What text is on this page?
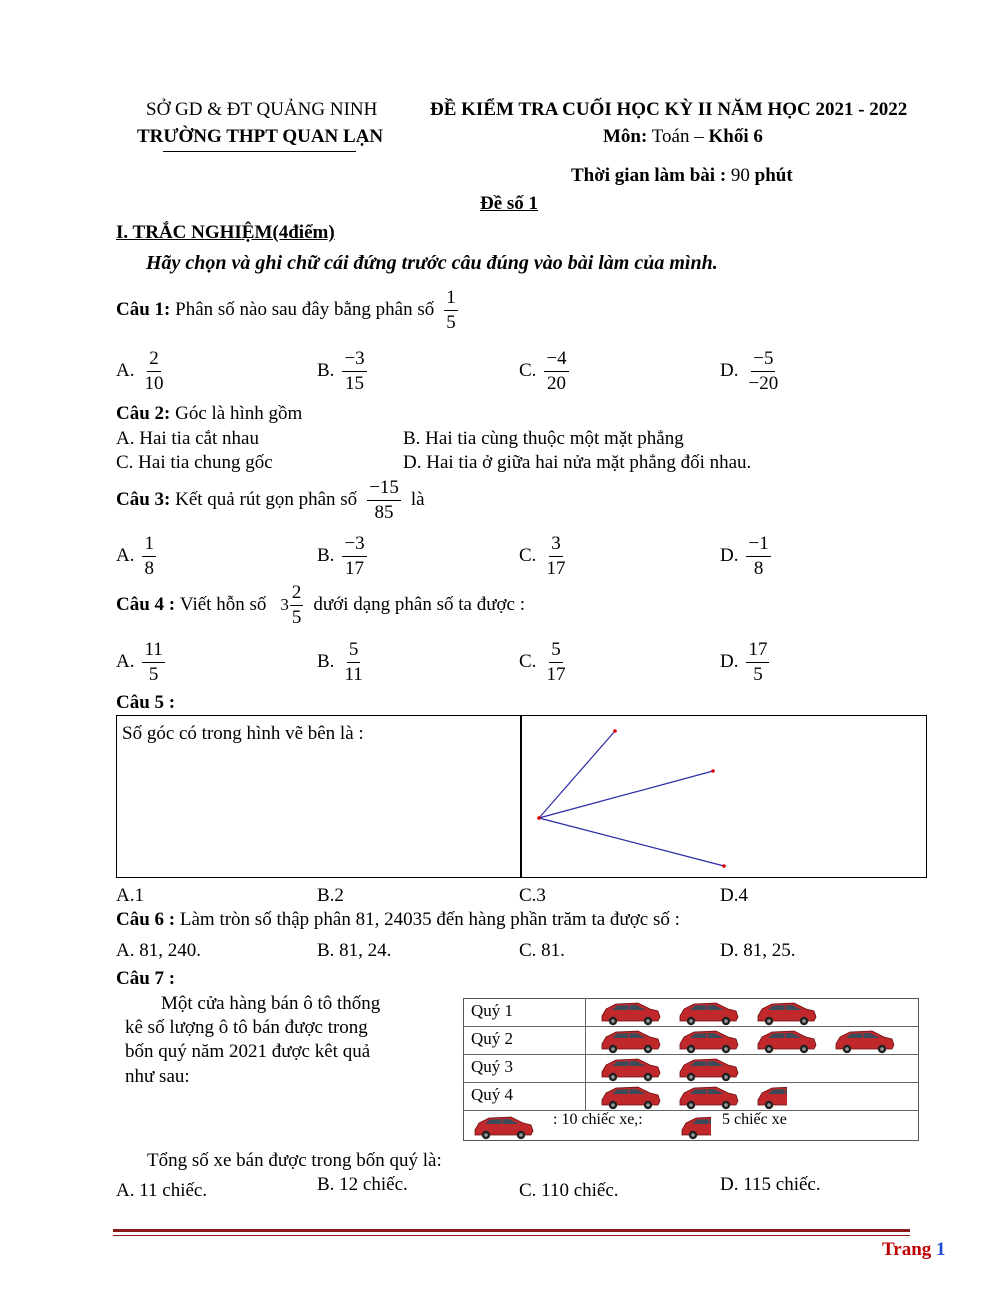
SỞ GD & ĐT QUẢNG NINH
TRƯỜNG THPT QUAN LẠN
ĐỀ KIỂM TRA CUỐI HỌC KỲ II NĂM HỌC 2021 - 2022
Môn: Toán – Khối 6
Thời gian làm bài : 90 phút
Đề số 1
I. TRẮC NGHIỆM(4điểm)
Hãy chọn và ghi chữ cái đứng trước câu đúng vào bài làm của mình.
Câu 1:
Phân số nào sau đây bằng phân số $\frac{1}{5}$
A. $\frac{2}{10}$	B. $\frac{-3}{15}$	C. $\frac{-4}{20}$	D. $\frac{-5}{-20}$
Câu 2: Góc là hình gồm
A. Hai tia cắt nhau	B. Hai tia cùng thuộc một mặt phẳng
C. Hai tia chung gốc	D. Hai tia ở giữa hai nửa mặt phẳng đối nhau.
Câu 3:
Kết quả rút gọn phân số $\frac{-15}{85}$ là
A. $\frac{1}{8}$	B. $\frac{-3}{17}$	C. $\frac{3}{17}$	D. $\frac{-1}{8}$
Câu 4 :
Viết hỗn số $3 \frac{2}{5}$ dưới dạng phân số ta được :
A. $\frac{11}{5}$	B. $\frac{5}{11}$	C. $\frac{5}{17}$	D. $\frac{17}{5}$
Câu 5 :
Số góc có trong hình vẽ bên là :
A.1	B.2	C.3	D.4
Câu 6 : Làm tròn số thập phân 81, 24035 đến hàng phần trăm ta được số :
A. 81, 240.	B. 81, 24.	C. 81.	D. 81, 25.
Câu 7 :
Một cửa hàng bán ô tô thống
kê số lượng ô tô bán được trong
bốn quý năm 2021 được kêt quả
như sau:
Quý 1
Quý 2
Quý 3
Quý 4
: 10 chiếc xe,:	5 chiếc xe
Tổng số xe bán được trong bốn quý là:
A. 11 chiếc.	B. 12 chiếc.	C. 110 chiếc.	D. 115 chiếc.
Trang 1
